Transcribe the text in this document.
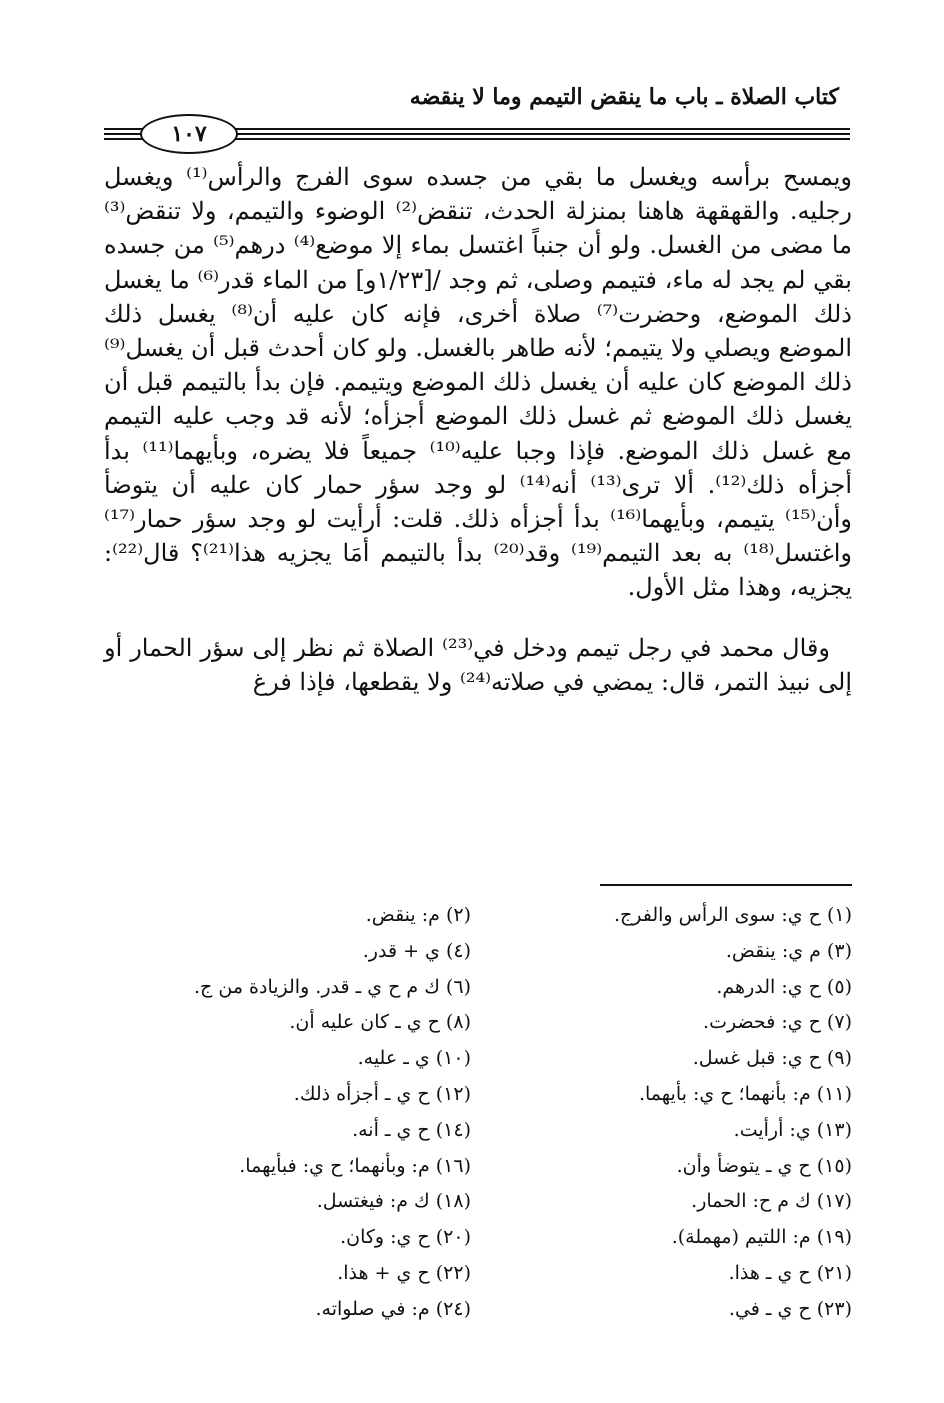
كتاب الصلاة ـ باب ما ينقض التيمم وما لا ينقضه
١٠٧

ويمسح برأسه ويغسل ما بقي من جسده سوى الفرج والرأس⁽¹⁾ ويغسل رجليه. والقهقهة هاهنا بمنزلة الحدث، تنقض⁽²⁾ الوضوء والتيمم، ولا تنقض⁽³⁾ ما مضى من الغسل. ولو أن جنباً اغتسل بماء إلا موضع⁽⁴⁾ درهم⁽⁵⁾ من جسده بقي لم يجد له ماء، فتيمم وصلى، ثم وجد /[١/٢٣و] من الماء قدر⁽⁶⁾ ما يغسل ذلك الموضع، وحضرت⁽⁷⁾ صلاة أخرى، فإنه كان عليه أن⁽⁸⁾ يغسل ذلك الموضع ويصلي ولا يتيمم؛ لأنه طاهر بالغسل. ولو كان أحدث قبل أن يغسل⁽⁹⁾ ذلك الموضع كان عليه أن يغسل ذلك الموضع ويتيمم. فإن بدأ بالتيمم قبل أن يغسل ذلك الموضع ثم غسل ذلك الموضع أجزأه؛ لأنه قد وجب عليه التيمم مع غسل ذلك الموضع. فإذا وجبا عليه⁽¹⁰⁾ جميعاً فلا يضره، وبأيهما⁽¹¹⁾ بدأ أجزأه ذلك⁽¹²⁾. ألا ترى⁽¹³⁾ أنه⁽¹⁴⁾ لو وجد سؤر حمار كان عليه أن يتوضأ وأن⁽¹⁵⁾ يتيمم، وبأيهما⁽¹⁶⁾ بدأ أجزأه ذلك. قلت: أرأيت لو وجد سؤر حمار⁽¹⁷⁾ واغتسل⁽¹⁸⁾ به بعد التيمم⁽¹⁹⁾ وقد⁽²⁰⁾ بدأ بالتيمم أمَا يجزيه هذا⁽²¹⁾؟ قال⁽²²⁾: يجزيه، وهذا مثل الأول.

وقال محمد في رجل تيمم ودخل في⁽²³⁾ الصلاة ثم نظر إلى سؤر الحمار أو إلى نبيذ التمر، قال: يمضي في صلاته⁽²⁴⁾ ولا يقطعها، فإذا فرغ

(١) ح ي: سوى الرأس والفرج.
(٢) م: ينقض.
(٣) م ي: ينقض.
(٤) ي + قدر.
(٥) ح ي: الدرهم.
(٦) ك م ح ي ـ قدر. والزيادة من ج.
(٧) ح ي: فحضرت.
(٨) ح ي ـ كان عليه أن.
(٩) ح ي: قبل غسل.
(١٠) ي ـ عليه.
(١١) م: بأنهما؛ ح ي: بأيهما.
(١٢) ح ي ـ أجزأه ذلك.
(١٣) ي: أرأيت.
(١٤) ح ي ـ أنه.
(١٥) ح ي ـ يتوضأ وأن.
(١٦) م: وبأنهما؛ ح ي: فبأيهما.
(١٧) ك م ح: الحمار.
(١٨) ك م: فيغتسل.
(١٩) م: اللتيم (مهملة).
(٢٠) ح ي: وكان.
(٢١) ح ي ـ هذا.
(٢٢) ح ي + هذا.
(٢٣) ح ي ـ في.
(٢٤) م: في صلواته.
